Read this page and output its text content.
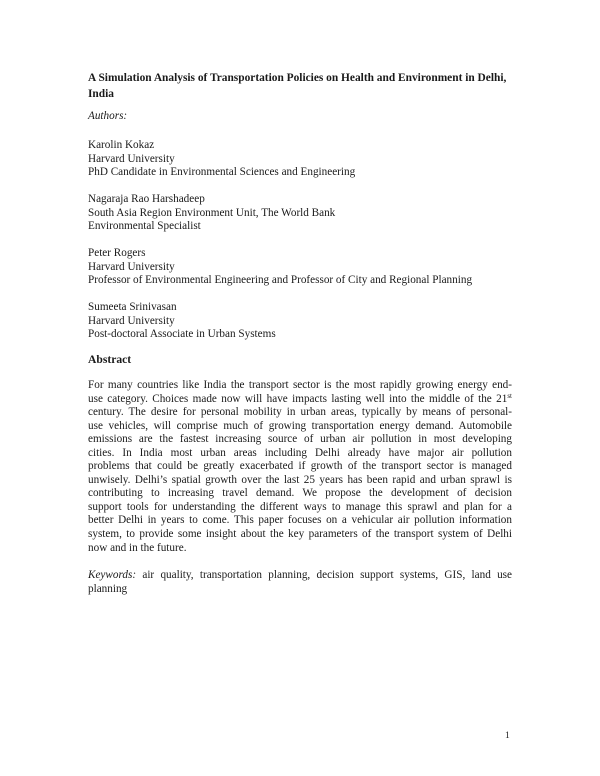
A Simulation Analysis of Transportation Policies on Health and Environment in Delhi, India

Authors:

Karolin Kokaz
Harvard University
PhD Candidate in Environmental Sciences and Engineering
Nagaraja Rao Harshadeep
South Asia Region Environment Unit, The World Bank
Environmental Specialist
Peter Rogers
Harvard University
Professor of Environmental Engineering and Professor of City and Regional Planning
Sumeeta Srinivasan
Harvard University
Post-doctoral Associate in Urban Systems
Abstract
For many countries like India the transport sector is the most rapidly growing energy end-
use category. Choices made now will have impacts lasting well into the middle of the 21st
century. The desire for personal mobility in urban areas, typically by means of personal-
use vehicles, will comprise much of growing transportation energy demand. Automobile
emissions are the fastest increasing source of urban air pollution in most developing
cities. In India most urban areas including Delhi already have major air pollution
problems that could be greatly exacerbated if growth of the transport sector is managed
unwisely. Delhi’s spatial growth over the last 25 years has been rapid and urban sprawl is
contributing to increasing travel demand. We propose the development of decision
support tools for understanding the different ways to manage this sprawl and plan for a
better Delhi in years to come. This paper focuses on a vehicular air pollution information
system, to provide some insight about the key parameters of the transport system of Delhi
now and in the future.
Keywords: air quality, transportation planning, decision support systems, GIS, land use
planning
1
